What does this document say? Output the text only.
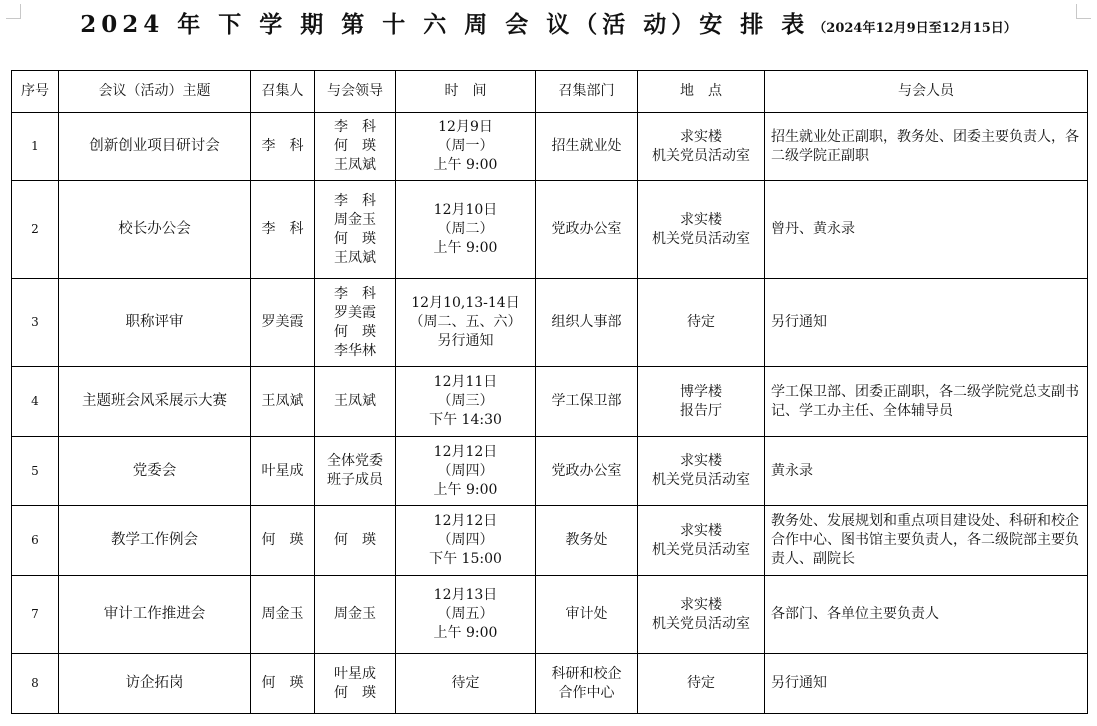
2024 年 下 学 期 第 十 六 周 会 议（活 动）安 排 表 （2024年12月9日至12月15日）
序号	会议（活动）主题	召集人	与会领导	时　间	召集部门	地　点	与会人员
1	创新创业项目研讨会	李　科	李　科
何　瑛
王凤斌	12月9日
（周一）
上午 9:00	招生就业处	求实楼
机关党员活动室	招生就业处正副职，教务处、团委主要负责人，各二级学院正副职
2	校长办公会	李　科	李　科
周金玉
何　瑛
王凤斌	12月10日
（周二）
上午 9:00	党政办公室	求实楼
机关党员活动室	曾丹、黄永录
3	职称评审	罗美霞	李　科
罗美霞
何　瑛
李华林	12月10,13-14日
（周二、五、六）
另行通知	组织人事部	待定	另行通知
4	主题班会风采展示大赛	王凤斌	王凤斌	12月11日
（周三）
下午 14:30	学工保卫部	博学楼
报告厅	学工保卫部、团委正副职，各二级学院党总支副书记、学工办主任、全体辅导员
5	党委会	叶星成	全体党委
班子成员	12月12日
（周四）
上午 9:00	党政办公室	求实楼
机关党员活动室	黄永录
6	教学工作例会	何　瑛	何　瑛	12月12日
（周四）
下午 15:00	教务处	求实楼
机关党员活动室	教务处、发展规划和重点项目建设处、科研和校企合作中心、图书馆主要负责人，各二级院部主要负责人、副院长
7	审计工作推进会	周金玉	周金玉	12月13日
（周五）
上午 9:00	审计处	求实楼
机关党员活动室	各部门、各单位主要负责人
8	访企拓岗	何　瑛	叶星成
何　瑛	待定	科研和校企
合作中心	待定	另行通知
